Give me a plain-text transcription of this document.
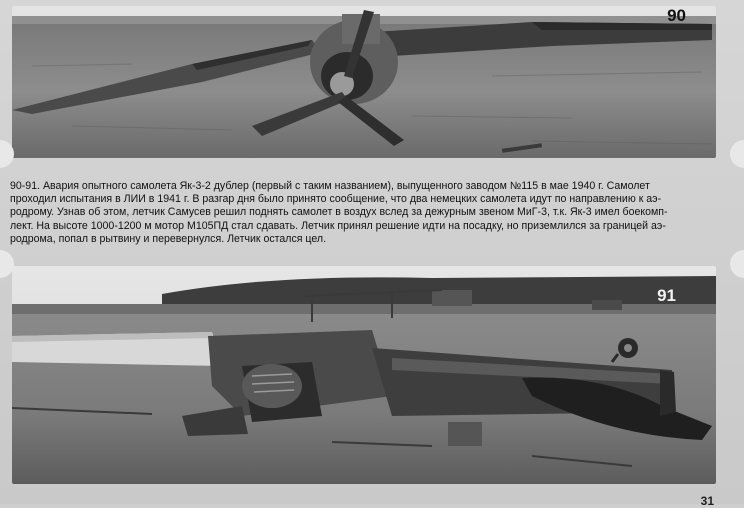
90
90-91. Авария опытного самолета Як-3-2 дублер (первый с таким названием), выпущенного заводом №115 в мае 1940 г. Самолет
проходил испытания в ЛИИ в 1941 г. В разгар дня было принято сообщение, что два немецких самолета идут по направлению к аэ-
родрому. Узнав об этом, летчик Самусев решил поднять самолет в воздух вслед за дежурным звеном МиГ-3, т.к. Як-3 имел боекомп-
лект. На высоте 1000-1200 м мотор М105ПД стал сдавать. Летчик принял решение идти на посадку, но приземлился за границей аэ-
родрома, попал в рытвину и перевернулся. Летчик остался цел.
91
31
